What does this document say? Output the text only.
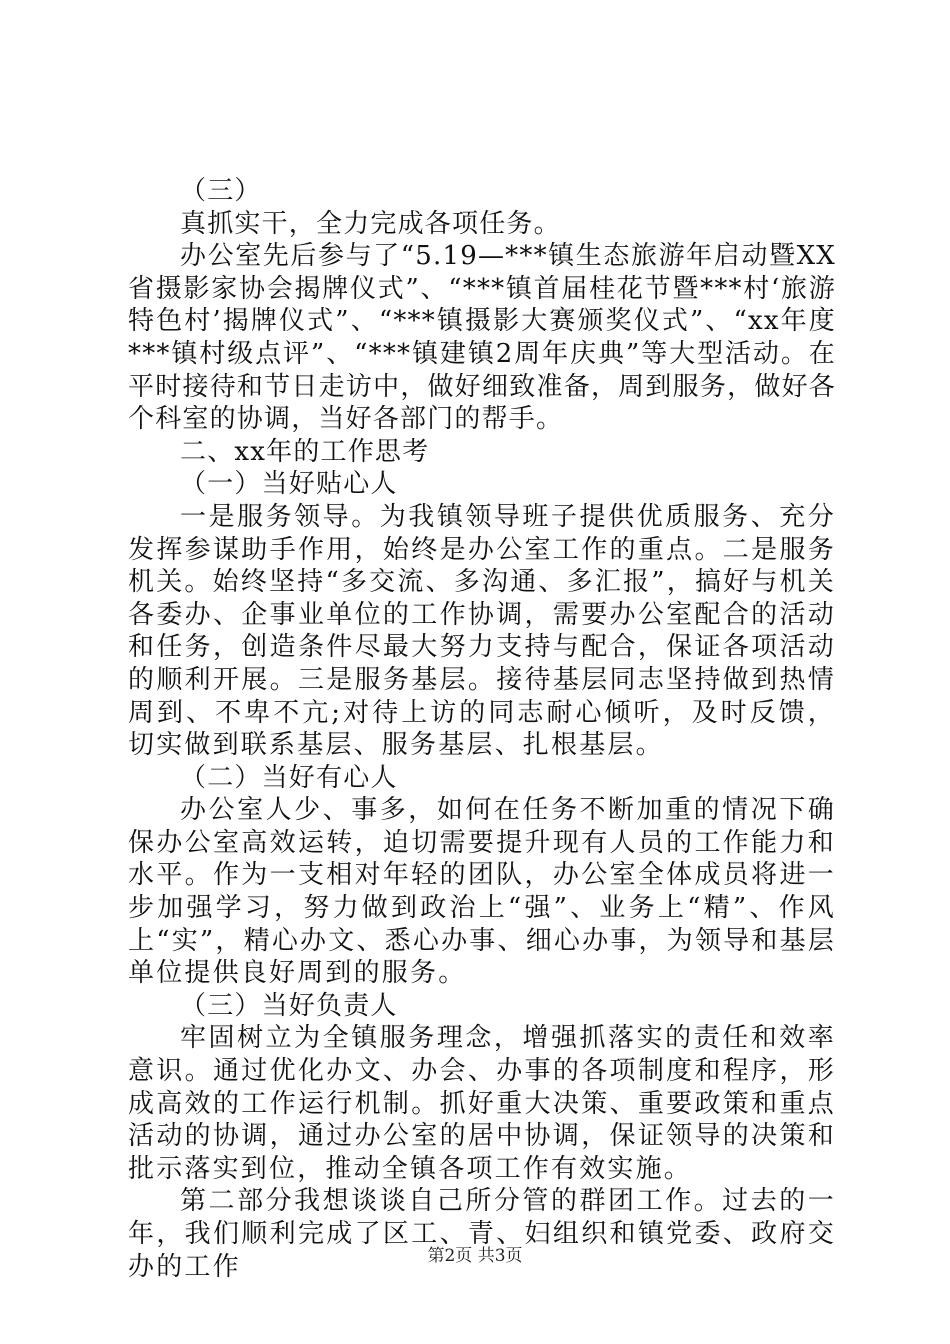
（三）

真抓实干，全力完成各项任务。

办公室先后参与了“5.19—***镇生态旅游年启动暨XX省摄影家协会揭牌仪式”、“***镇首届桂花节暨***村‘旅游特色村’揭牌仪式”、“***镇摄影大赛颁奖仪式”、“xx年度***镇村级点评”、“***镇建镇2周年庆典”等大型活动。在平时接待和节日走访中，做好细致准备，周到服务，做好各个科室的协调，当好各部门的帮手。

二、xx年的工作思考

（一）当好贴心人

一是服务领导。为我镇领导班子提供优质服务、充分发挥参谋助手作用，始终是办公室工作的重点。二是服务机关。始终坚持“多交流、多沟通、多汇报”，搞好与机关各委办、企事业单位的工作协调，需要办公室配合的活动和任务，创造条件尽最大努力支持与配合，保证各项活动的顺利开展。三是服务基层。接待基层同志坚持做到热情周到、不卑不亢;对待上访的同志耐心倾听，及时反馈，切实做到联系基层、服务基层、扎根基层。

（二）当好有心人

办公室人少、事多，如何在任务不断加重的情况下确保办公室高效运转，迫切需要提升现有人员的工作能力和水平。作为一支相对年轻的团队，办公室全体成员将进一步加强学习，努力做到政治上“强”、业务上“精”、作风上“实”，精心办文、悉心办事、细心办事，为领导和基层单位提供良好周到的服务。

（三）当好负责人

牢固树立为全镇服务理念，增强抓落实的责任和效率意识。通过优化办文、办会、办事的各项制度和程序，形成高效的工作运行机制。抓好重大决策、重要政策和重点活动的协调，通过办公室的居中协调，保证领导的决策和批示落实到位，推动全镇各项工作有效实施。

第二部分我想谈谈自己所分管的群团工作。过去的一年，我们顺利完成了区工、青、妇组织和镇党委、政府交办的工作	第2页 共3页
